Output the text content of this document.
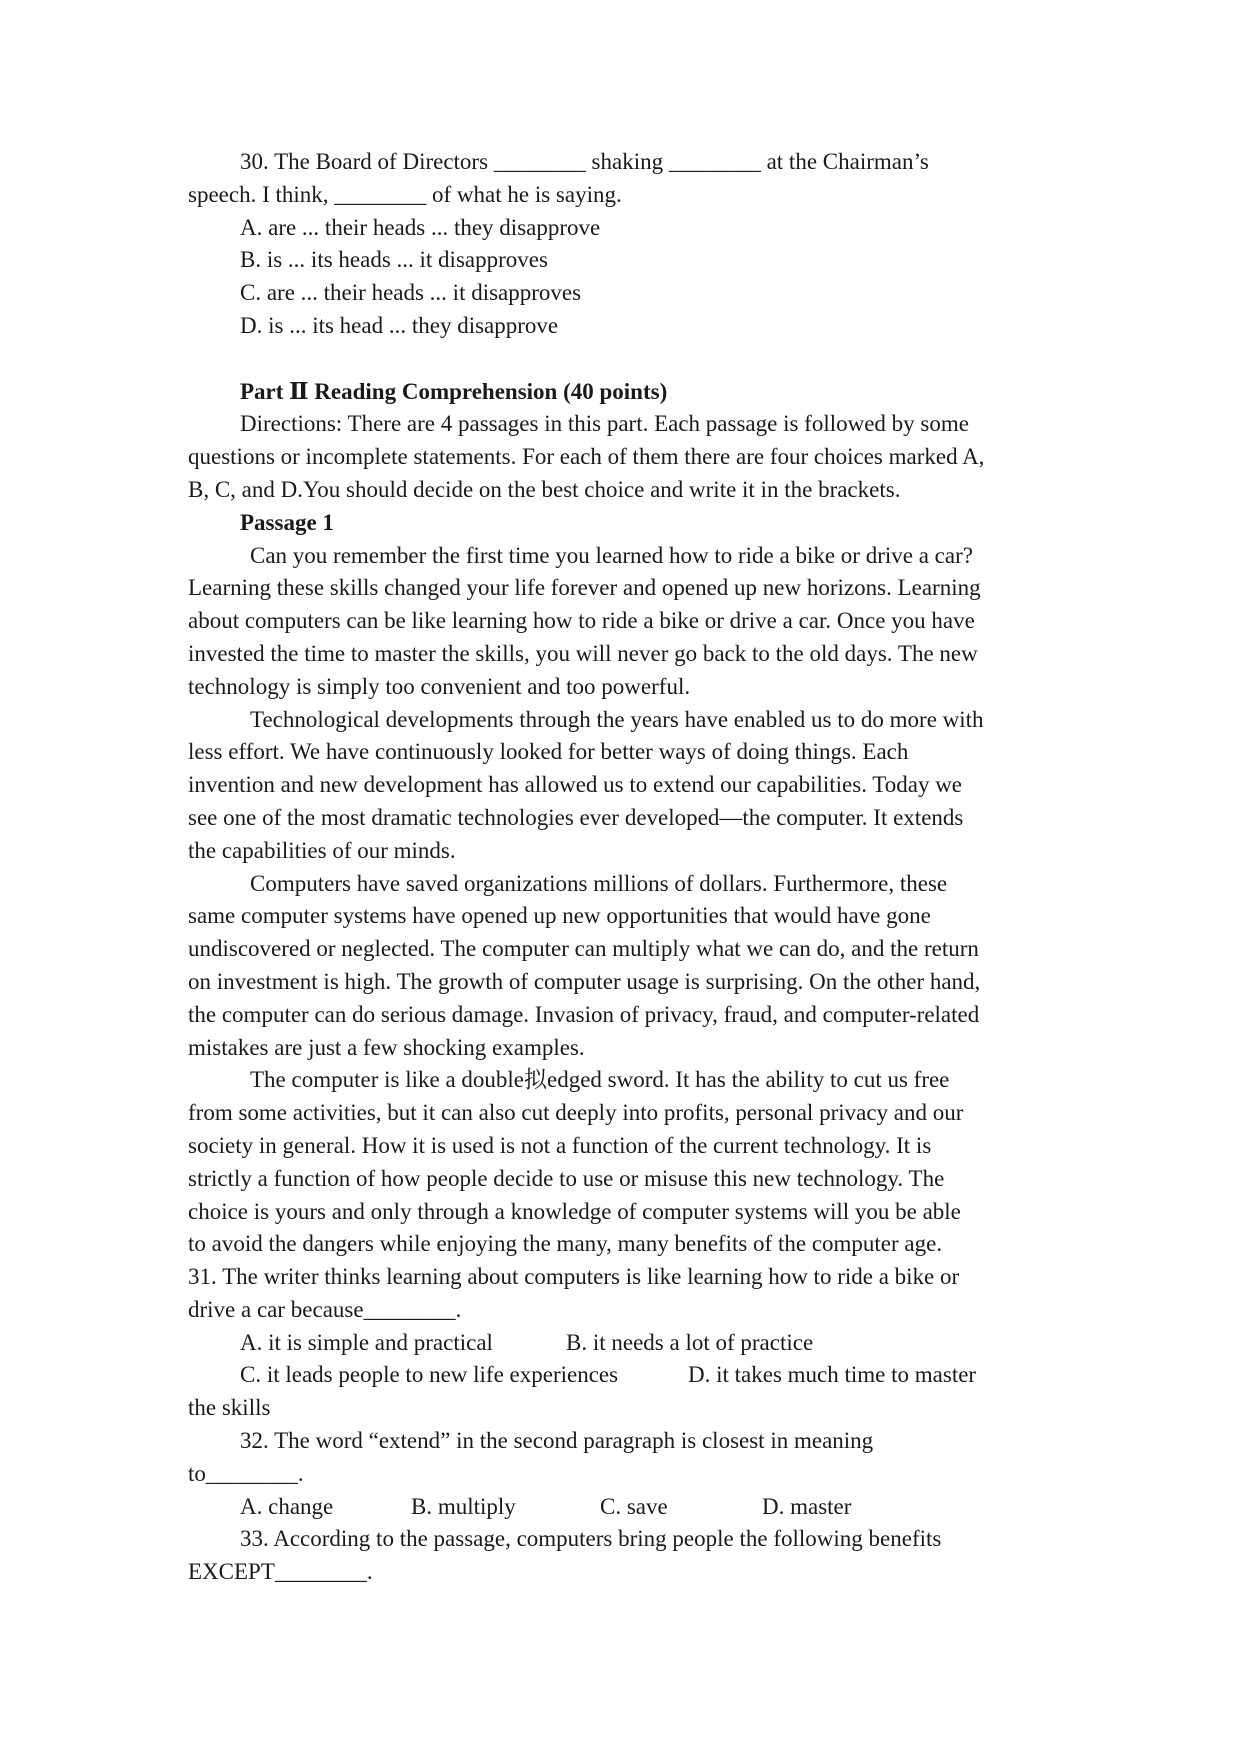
30. The Board of Directors ________ shaking ________ at the Chairman’s
speech. I think, ________ of what he is saying.
A. are ... their heads ... they disapprove
B. is ... its heads ... it disapproves
C. are ... their heads ... it disapproves
D. is ... its head ... they disapprove
Part Ⅱ Reading Comprehension (40 points)
Directions: There are 4 passages in this part. Each passage is followed by some
questions or incomplete statements. For each of them there are four choices marked A,
B, C, and D.You should decide on the best choice and write it in the brackets.
Passage 1
Can you remember the first time you learned how to ride a bike or drive a car?
Learning these skills changed your life forever and opened up new horizons. Learning
about computers can be like learning how to ride a bike or drive a car. Once you have
invested the time to master the skills, you will never go back to the old days. The new
technology is simply too convenient and too powerful.
Technological developments through the years have enabled us to do more with
less effort. We have continuously looked for better ways of doing things. Each
invention and new development has allowed us to extend our capabilities. Today we
see one of the most dramatic technologies ever developed—the computer. It extends
the capabilities of our minds.
Computers have saved organizations millions of dollars. Furthermore, these
same computer systems have opened up new opportunities that would have gone
undiscovered or neglected. The computer can multiply what we can do, and the return
on investment is high. The growth of computer usage is surprising. On the other hand,
the computer can do serious damage. Invasion of privacy, fraud, and computer-related
mistakes are just a few shocking examples.
The computer is like a double拟edged sword. It has the ability to cut us free
from some activities, but it can also cut deeply into profits, personal privacy and our
society in general. How it is used is not a function of the current technology. It is
strictly a function of how people decide to use or misuse this new technology. The
choice is yours and only through a knowledge of computer systems will you be able
to avoid the dangers while enjoying the many, many benefits of the computer age.
31. The writer thinks learning about computers is like learning how to ride a bike or
drive a car because________.
A. it is simple and practical	B. it needs a lot of practice
C. it leads people to new life experiences	D. it takes much time to master
the skills
32. The word “extend” in the second paragraph is closest in meaning
to________.
A. change	B. multiply	C. save	D. master
33. According to the passage, computers bring people the following benefits
EXCEPT________.
